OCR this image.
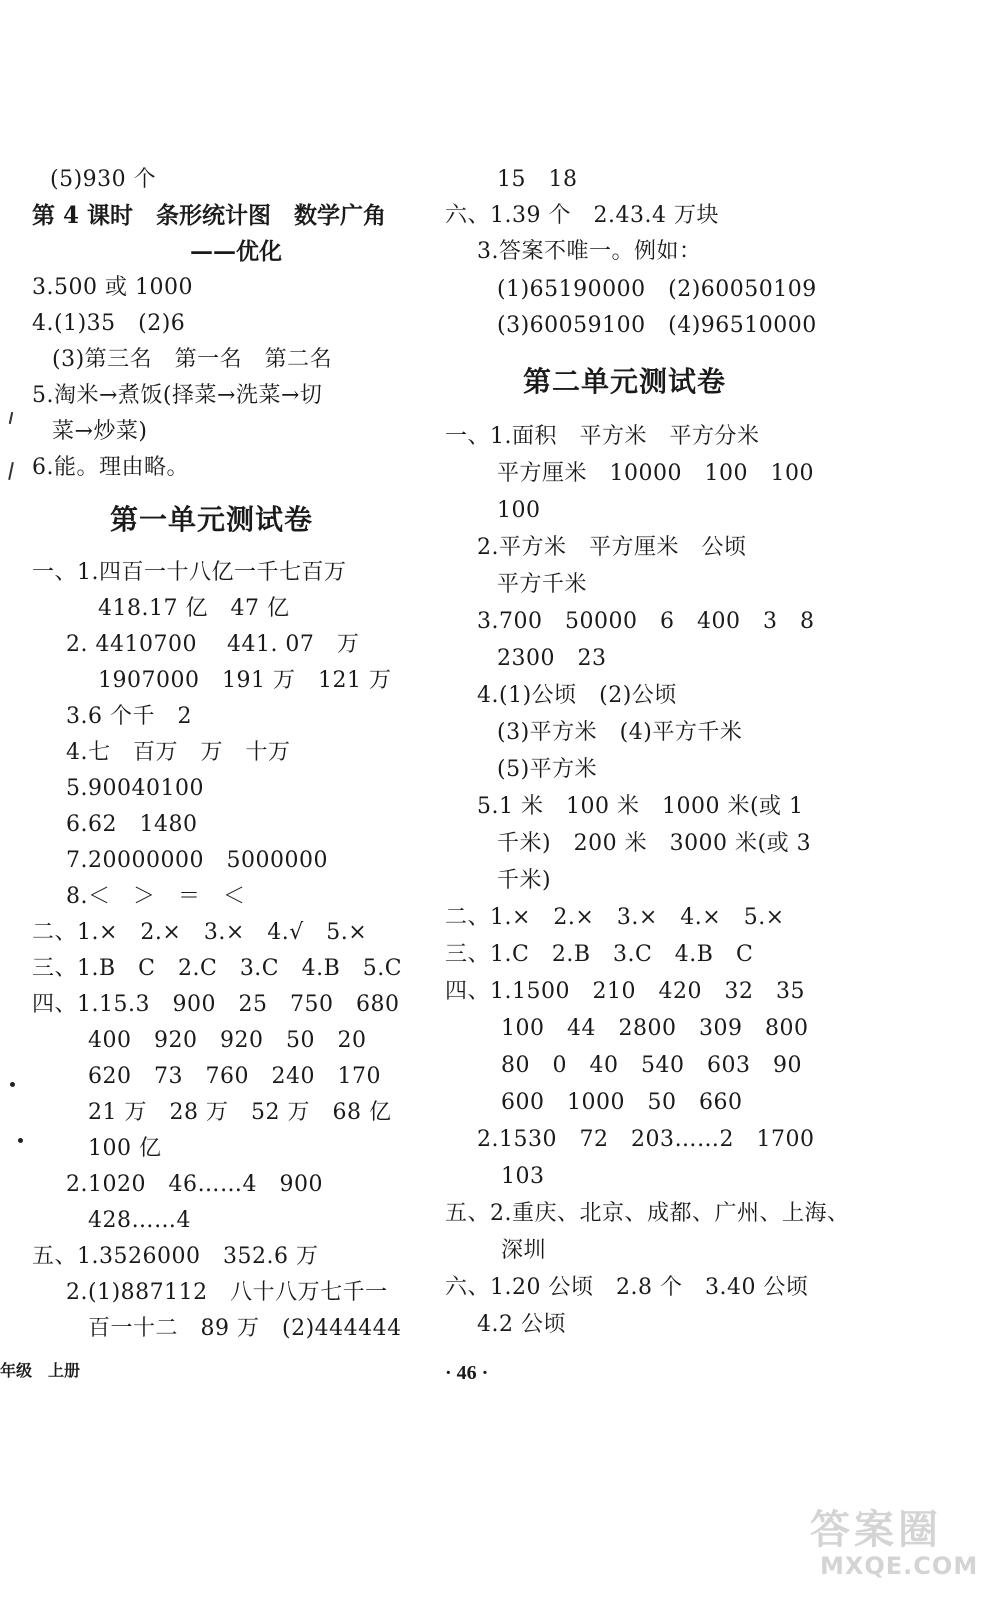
(5)930 个
第 4 课时　条形统计图　数学广角
——优化
3.500 或 1000
4.(1)35　(2)6
(3)第三名　第一名　第二名
5.淘米→煮饭(择菜→洗菜→切
菜→炒菜)
6.能。理由略。
第一单元测试卷
一、1.四百一十八亿一千七百万
418.17 亿　47 亿
2. 4410700　 441. 07　万
1907000　191 万　121 万
3.6 个千　2
4.七　百万　万　十万
5.90040100
6.62　1480
7.20000000　5000000
8.＜　＞　＝　＜
二、1.×　2.×　3.×　4.√　5.×
三、1.B　C　2.C　3.C　4.B　5.C
四、1.15.3　900　25　750　680
400　920　920　50　20
620　73　760　240　170
21 万　28 万　52 万　68 亿
100 亿
2.1020　46……4　900
428……4
五、1.3526000　352.6 万
2.(1)887112　八十八万七千一
百一十二　89 万　(2)444444
15　18
六、1.39 个　2.43.4 万块
3.答案不唯一。例如：
(1)65190000　(2)60050109
(3)60059100　(4)96510000
第二单元测试卷
一、1.面积　平方米　平方分米
平方厘米　10000　100　100
100
2.平方米　平方厘米　公顷
平方千米
3.700　50000　6　400　3　8
2300　23
4.(1)公顷　(2)公顷
(3)平方米　(4)平方千米
(5)平方米
5.1 米　100 米　1000 米(或 1
千米)　200 米　3000 米(或 3
千米)
二、1.×　2.×　3.×　4.×　5.×
三、1.C　2.B　3.C　4.B　C
四、1.1500　210　420　32　35
100　44　2800　309　800
80　0　40　540　603　90
600　1000　50　660
2.1530　72　203……2　1700
103
五、2.重庆、北京、成都、广州、上海、
深圳
六、1.20 公顷　2.8 个　3.40 公顷
4.2 公顷
年级　上册	· 46 ·
答案圈
MXQE.COM
